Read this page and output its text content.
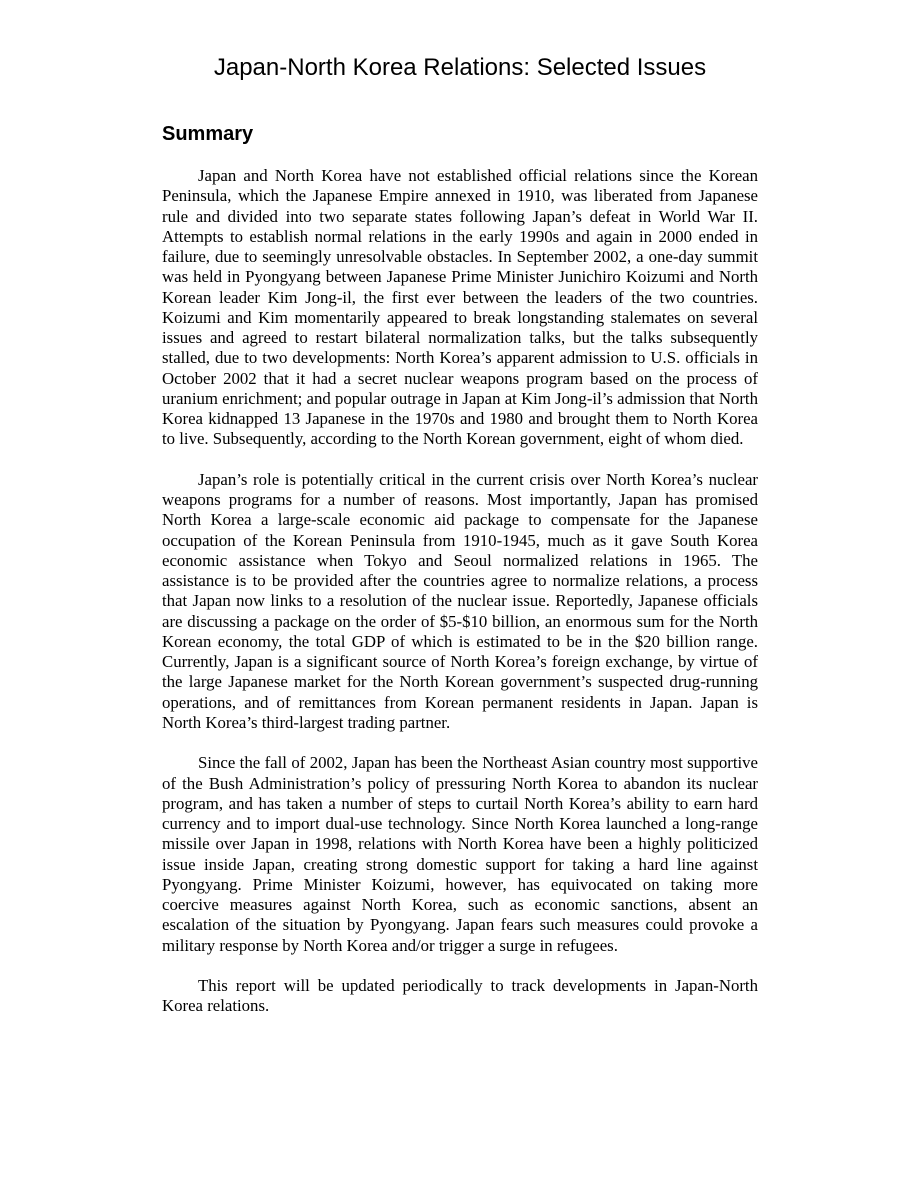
Japan-North Korea Relations: Selected Issues
Summary

Japan and North Korea have not established official relations since the Korean Peninsula, which the Japanese Empire annexed in 1910, was liberated from Japanese rule and divided into two separate states following Japan’s defeat in World War II. Attempts to establish normal relations in the early 1990s and again in 2000 ended in failure, due to seemingly unresolvable obstacles. In September 2002, a one-day summit was held in Pyongyang between Japanese Prime Minister Junichiro Koizumi and North Korean leader Kim Jong-il, the first ever between the leaders of the two countries. Koizumi and Kim momentarily appeared to break longstanding stalemates on several issues and agreed to restart bilateral normalization talks, but the talks subsequently stalled, due to two developments: North Korea’s apparent admission to U.S. officials in October 2002 that it had a secret nuclear weapons program based on the process of uranium enrichment; and popular outrage in Japan at Kim Jong-il’s admission that North Korea kidnapped 13 Japanese in the 1970s and 1980 and brought them to North Korea to live. Subsequently, according to the North Korean government, eight of whom died.

Japan’s role is potentially critical in the current crisis over North Korea’s nuclear weapons programs for a number of reasons. Most importantly, Japan has promised North Korea a large-scale economic aid package to compensate for the Japanese occupation of the Korean Peninsula from 1910-1945, much as it gave South Korea economic assistance when Tokyo and Seoul normalized relations in 1965. The assistance is to be provided after the countries agree to normalize relations, a process that Japan now links to a resolution of the nuclear issue. Reportedly, Japanese officials are discussing a package on the order of $5-$10 billion, an enormous sum for the North Korean economy, the total GDP of which is estimated to be in the $20 billion range. Currently, Japan is a significant source of North Korea’s foreign exchange, by virtue of the large Japanese market for the North Korean government’s suspected drug-running operations, and of remittances from Korean permanent residents in Japan. Japan is North Korea’s third-largest trading partner.

Since the fall of 2002, Japan has been the Northeast Asian country most supportive of the Bush Administration’s policy of pressuring North Korea to abandon its nuclear program, and has taken a number of steps to curtail North Korea’s ability to earn hard currency and to import dual-use technology. Since North Korea launched a long-range missile over Japan in 1998, relations with North Korea have been a highly politicized issue inside Japan, creating strong domestic support for taking a hard line against Pyongyang. Prime Minister Koizumi, however, has equivocated on taking more coercive measures against North Korea, such as economic sanctions, absent an escalation of the situation by Pyongyang. Japan fears such measures could provoke a military response by North Korea and/or trigger a surge in refugees.

This report will be updated periodically to track developments in Japan-North Korea relations.
